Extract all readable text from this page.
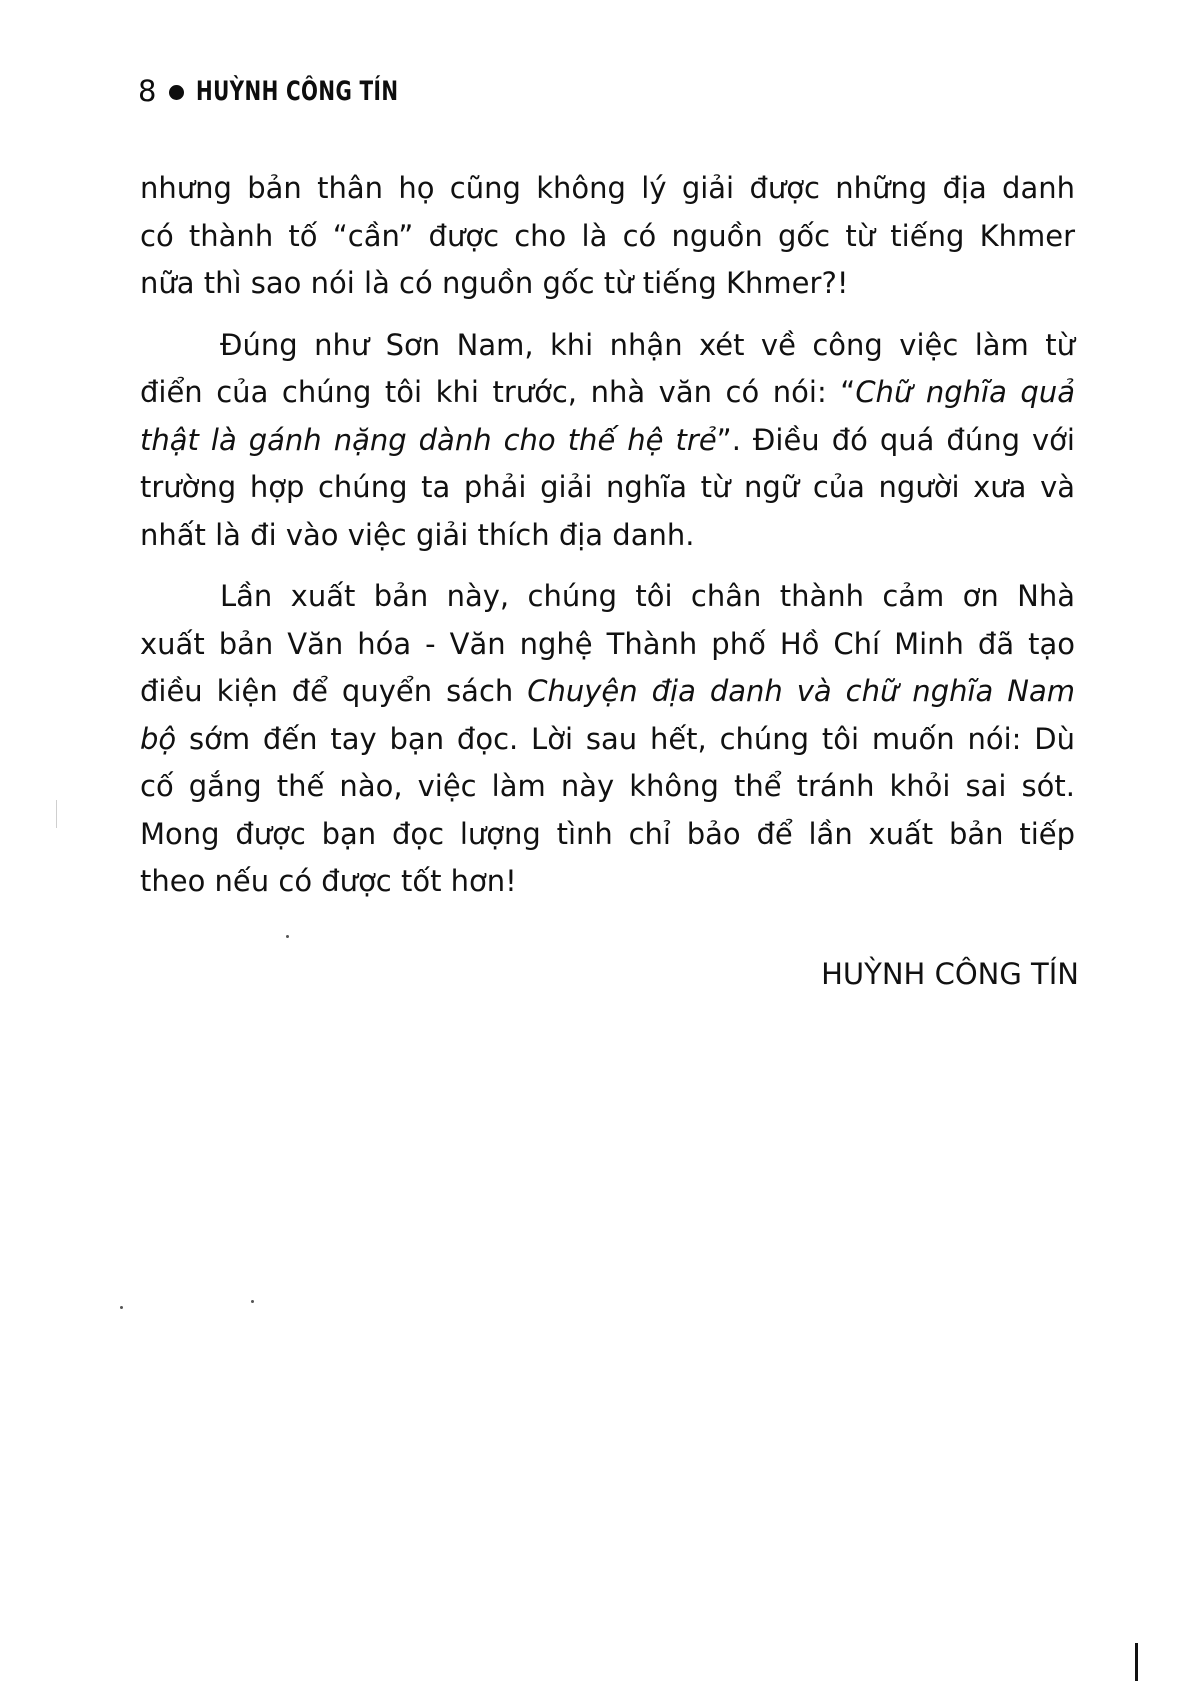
8 HUỲNH CÔNG TÍN

nhưng bản thân họ cũng không lý giải được những địa danh
có thành tố “cần” được cho là có nguồn gốc từ tiếng Khmer
nữa thì sao nói là có nguồn gốc từ tiếng Khmer?!

Đúng như Sơn Nam, khi nhận xét về công việc làm từ
điển của chúng tôi khi trước, nhà văn có nói: “Chữ nghĩa quả
thật là gánh nặng dành cho thế hệ trẻ”. Điều đó quá đúng với
trường hợp chúng ta phải giải nghĩa từ ngữ của người xưa và
nhất là đi vào việc giải thích địa danh.

Lần xuất bản này, chúng tôi chân thành cảm ơn Nhà
xuất bản Văn hóa - Văn nghệ Thành phố Hồ Chí Minh đã tạo
điều kiện để quyển sách Chuyện địa danh và chữ nghĩa Nam
bộ sớm đến tay bạn đọc. Lời sau hết, chúng tôi muốn nói: Dù
cố gắng thế nào, việc làm này không thể tránh khỏi sai sót.
Mong được bạn đọc lượng tình chỉ bảo để lần xuất bản tiếp
theo nếu có được tốt hơn!

HUỲNH CÔNG TÍN
